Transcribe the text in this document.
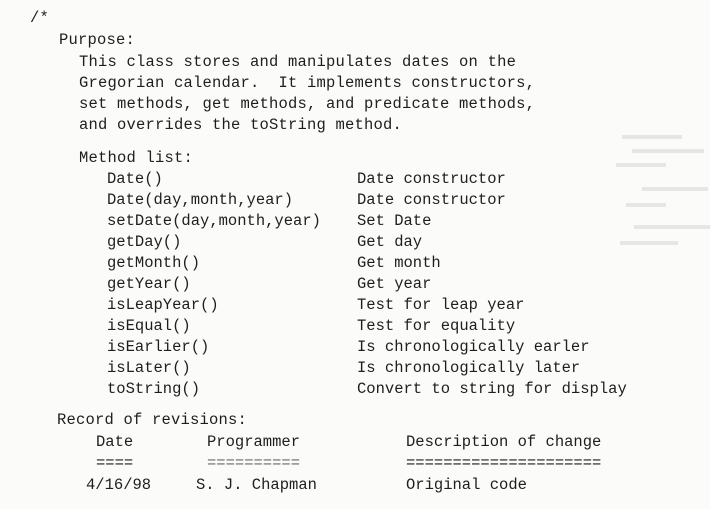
/*
Purpose:
This class stores and manipulates dates on the
Gregorian calendar.  It implements constructors,
set methods, get methods, and predicate methods,
and overrides the toString method.
Method list:
Date()	Date constructor
Date(day,month,year)	Date constructor
setDate(day,month,year) Set Date
getDay()	Get day
getMonth()	Get month
getYear()	Get year
isLeapYear()	Test for leap year
isEqual()	Test for equality
isEarlier()	Is chronologically earler
isLater()	Is chronologically later
toString()	Convert to string for display
Record of revisions:
Date	Programmer	Description of change
====	==========	=====================
4/16/98	S. J. Chapman	Original code
